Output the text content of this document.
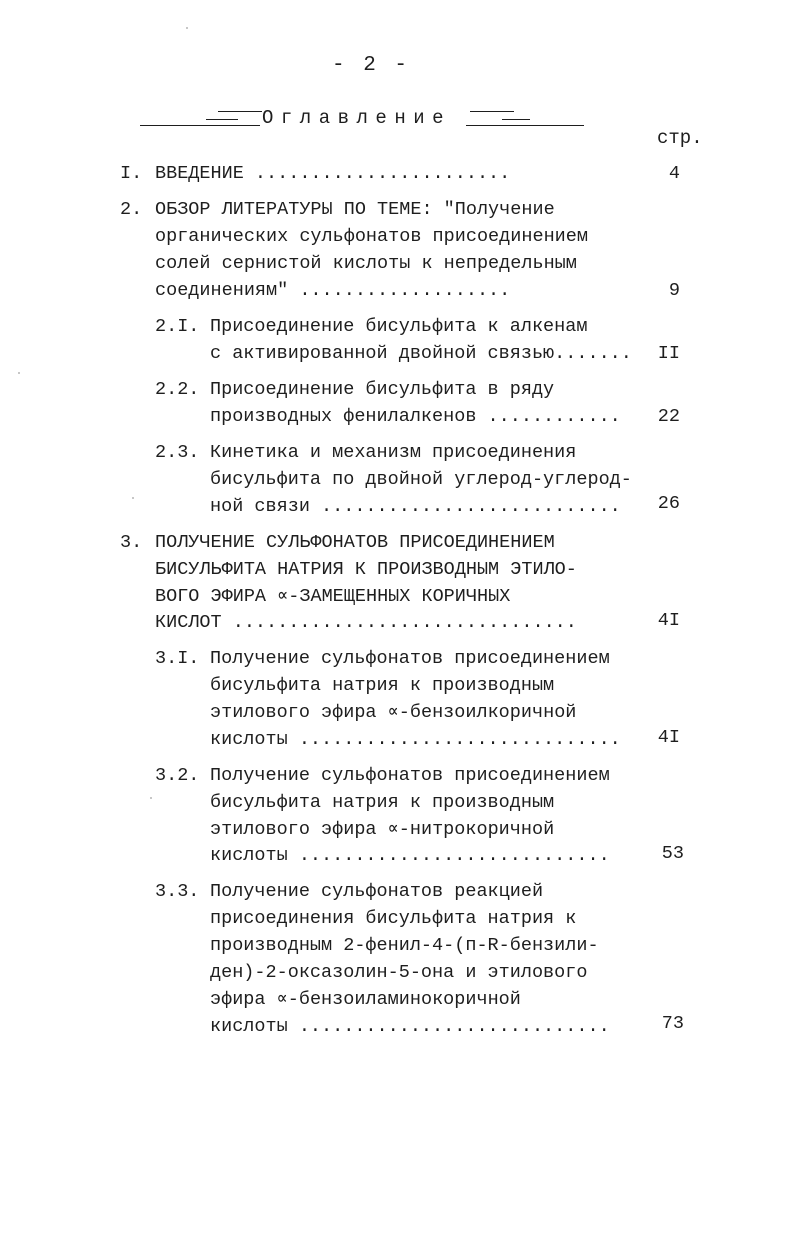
- 2 -
Оглавление
стр.
I. ВВЕДЕНИЕ .......................	4
2. ОБЗОР ЛИТЕРАТУРЫ ПО ТЕМЕ: "Получение
органических сульфонатов присоединением
солей сернистой кислоты к непредельным
соединениям" ...................	9
2.I. Присоединение бисульфита к алкенам
с активированной двойной связью.......	II
2.2. Присоединение бисульфита в ряду
производных фенилалкенов ............	22
2.3. Кинетика и механизм присоединения
бисульфита по двойной углерод-углерод-
ной связи ...........................	26
3. ПОЛУЧЕНИЕ СУЛЬФОНАТОВ ПРИСОЕДИНЕНИЕМ
БИСУЛЬФИТА НАТРИЯ К ПРОИЗВОДНЫМ ЭТИЛО-
ВОГО ЭФИРА ∝-ЗАМЕЩЕННЫХ КОРИЧНЫХ
КИСЛОТ ...............................	4I
3.I. Получение сульфонатов присоединением
бисульфита натрия к производным
этилового эфира ∝-бензоилкоричной
кислоты .............................	4I
3.2. Получение сульфонатов присоединением
бисульфита натрия к производным
этилового эфира ∝-нитрокоричной
кислоты ............................	53
3.3. Получение сульфонатов реакцией
присоединения бисульфита натрия к
производным 2-фенил-4-(п-R-бензили-
ден)-2-оксазолин-5-она и этилового
эфира ∝-бензоиламинокоричной
кислоты ............................	73
